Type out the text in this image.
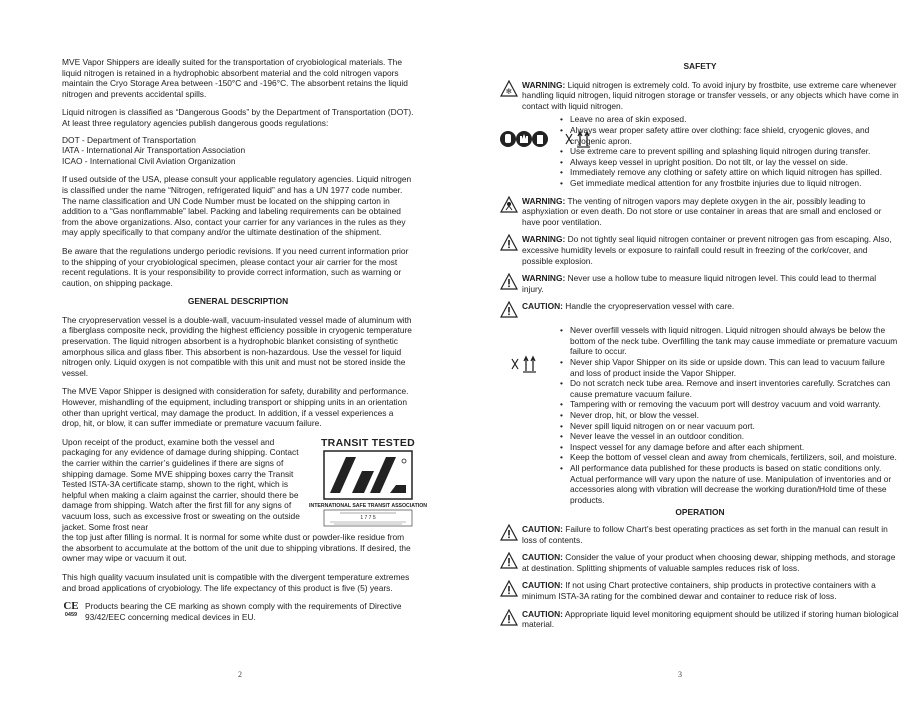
MVE Vapor Shippers are ideally suited for the transportation of cryobiological materials. The liquid nitrogen is retained in a hydrophobic absorbent material and the cold nitrogen vapors maintain the Cryo Storage Area between -150°C and -196°C. The absorbent retains the liquid nitrogen and prevents accidental spills.

Liquid nitrogen is classified as “Dangerous Goods” by the Department of Transportation (DOT). At least three regulatory agencies publish dangerous goods regulations:

DOT - Department of Transportation
IATA - International Air Transportation Association
ICAO - International Civil Aviation Organization

If used outside of the USA, please consult your applicable regulatory agencies. Liquid nitrogen is classified under the name “Nitrogen, refrigerated liquid” and has a UN 1977 code number. The name classification and UN Code Number must be located on the shipping carton in addition to a “Gas nonflammable” label. Packing and labeling requirements can be obtained from the above organizations. Also, contact your carrier for any variances in the rules as they may apply specifically to that company and/or the ultimate destination of the shipment.

Be aware that the regulations undergo periodic revisions. If you need current information prior to the shipping of your cryobiological specimen, please contact your air carrier for the most recent regulations. It is your responsibility to provide correct information, such as warning or caution, on shipping package.

GENERAL DESCRIPTION

The cryopreservation vessel is a double-wall, vacuum-insulated vessel made of aluminum with a fiberglass composite neck, providing the highest efficiency possible in cryogenic temperature preservation. The liquid nitrogen absorbent is a hydrophobic blanket consisting of synthetic amorphous silica and glass fiber. This absorbent is non-hazardous. Use the vessel for liquid nitrogen only. Liquid oxygen is not compatible with this unit and must not be stored inside the vessel.

The MVE Vapor Shipper is designed with consideration for safety, durability and performance. However, mishandling of the equipment, including transport or shipping units in an orientation other than upright vertical, may damage the product. In addition, if a vessel experiences a drop, hit, or blow, it can suffer immediate or premature vacuum failure.

Upon receipt of the product, examine both the vessel and packaging for any evidence of damage during shipping. Contact the carrier within the carrier’s guidelines if there are signs of shipping damage. Some MVE shipping boxes carry the Transit Tested ISTA-3A certificate stamp, shown to the right, which is helpful when making a claim against the carrier, should there be damage from shipping. Watch after the first fill for any signs of vacuum loss, such as excessive frost or sweating on the outside jacket. Some frost near
TRANSIT TESTED
INTERNATIONAL SAFE TRANSIT ASSOCIATION
1 7 7 5

the top just after filling is normal. It is normal for some white dust or powder-like residue from the absorbent to accumulate at the bottom of the unit due to shipping vibrations. If desired, the owner may wipe or vacuum it out.

This high quality vacuum insulated unit is compatible with the divergent temperature extremes and broad applications of cryobiology. The life expectancy of this product is five (5) years.

CE
0459
Products bearing the CE marking as shown comply with the requirements of Directive 93/42/EEC concerning medical devices in EU.
2
SAFETY
❄
WARNING: Liquid nitrogen is extremely cold. To avoid injury by frostbite, use extreme care whenever handling liquid nitrogen, liquid nitrogen storage or transfer vessels, or any objects which have come in contact with liquid nitrogen.

• Leave no area of skin exposed.
• Always wear proper safety attire over clothing: face shield, cryogenic gloves, and cryogenic apron.
• Use extreme care to prevent spilling and splashing liquid nitrogen during transfer.
• Always keep vessel in upright position. Do not tilt, or lay the vessel on side.
• Immediately remove any clothing or safety attire on which liquid nitrogen has spilled.
• Get immediate medical attention for any frostbite injuries due to liquid nitrogen.
WARNING: The venting of nitrogen vapors may deplete oxygen in the air, possibly leading to asphyxiation or even death. Do not store or use container in areas that are small and enclosed or have poor ventilation.
WARNING: Do not tightly seal liquid nitrogen container or prevent nitrogen gas from escaping. Also, excessive humidity levels or exposure to rainfall could result in freezing of the cork/cover, and possible explosion.
WARNING: Never use a hollow tube to measure liquid nitrogen level. This could lead to thermal injury.
CAUTION: Handle the cryopreservation vessel with care.
• Never overfill vessels with liquid nitrogen. Liquid nitrogen should always be below the bottom of the neck tube. Overfilling the tank may cause immediate or premature vacuum failure to occur.
• Never ship Vapor Shipper on its side or upside down. This can lead to vacuum failure and loss of product inside the Vapor Shipper.
• Do not scratch neck tube area. Remove and insert inventories carefully. Scratches can cause premature vacuum failure.
• Tampering with or removing the vacuum port will destroy vacuum and void warranty.
• Never drop, hit, or blow the vessel.
• Never spill liquid nitrogen on or near vacuum port.
• Never leave the vessel in an outdoor condition.
• Inspect vessel for any damage before and after each shipment.
• Keep the bottom of vessel clean and away from chemicals, fertilizers, soil, and moisture.
• All performance data published for these products is based on static conditions only. Actual performance will vary upon the nature of use. Manipulation of inventories and or accessories along with vibration will decrease the working duration/Hold time of these products.
OPERATION
CAUTION: Failure to follow Chart’s best operating practices as set forth in the manual can result in loss of contents.
CAUTION: Consider the value of your product when choosing dewar, shipping methods, and storage at destination. Splitting shipments of valuable samples reduces risk of loss.
CAUTION: If not using Chart protective containers, ship products in protective containers with a minimum ISTA-3A rating for the combined dewar and container to reduce risk of loss.
CAUTION: Appropriate liquid level monitoring equipment should be utilized if storing human biological material.
3
